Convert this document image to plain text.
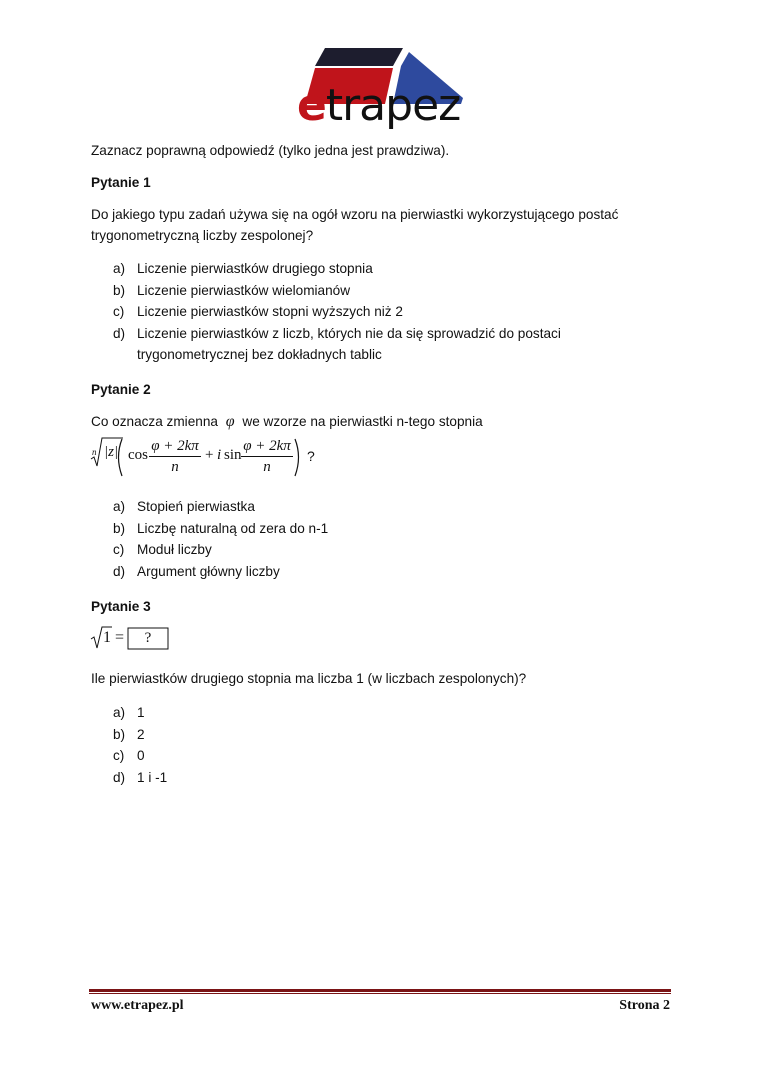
etrapez
Zaznacz poprawną odpowiedź (tylko jedna jest prawdziwa).
Pytanie 1
Do jakiego typu zadań używa się na ogół wzoru na pierwiastki wykorzystującego postać
trygonometryczną liczby zespolonej?
a) Liczenie pierwiastków drugiego stopnia
b) Liczenie pierwiastków wielomianów
c) Liczenie pierwiastków stopni wyższych niż 2
d) Liczenie pierwiastków z liczb, których nie da się sprowadzić do postaci
trygonometrycznej bez dokładnych tablic
Pytanie 2
Co oznacza zmienna φ we wzorze na pierwiastki n-tego stopnia
n |z| cos
φ + 2kπ
n
+ i sin
φ + 2kπ
n
?
a) Stopień pierwiastka
b) Liczbę naturalną od zera do n-1
c) Moduł liczby
d) Argument główny liczby
Pytanie 3
1 =	?
Ile pierwiastków drugiego stopnia ma liczba 1 (w liczbach zespolonych)?
a) 1
b) 2
c) 0
d) 1 i -1
www.etrapez.pl	Strona 2
